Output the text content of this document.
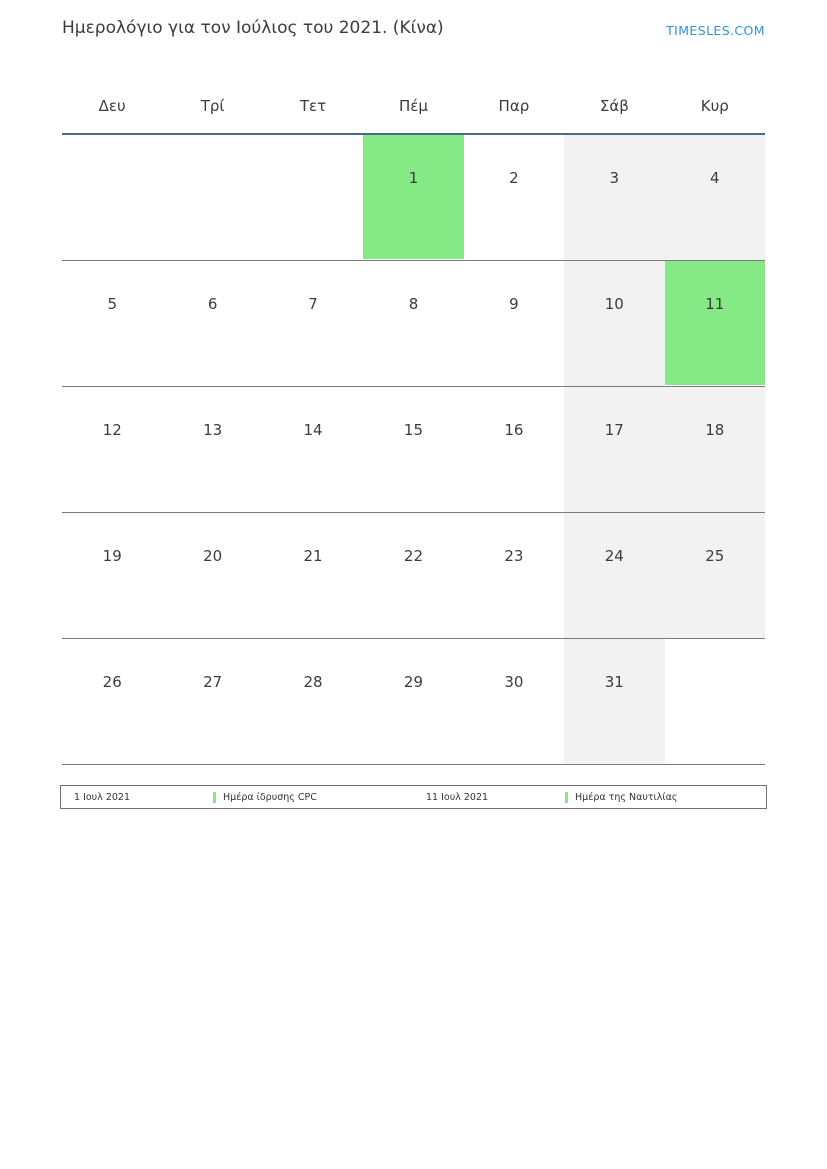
Ημερολόγιο για τον Ιούλιος του 2021. (Κίνα)	TIMESLES.COM
Δευ	Τρί	Τετ	Πέμ	Παρ	Σάβ	Κυρ

			1	2	3	4

5	6	7	8	9	10	11

12	13	14	15	16	17	18

19	20	21	22	23	24	25

26	27	28	29	30	31	

1 Ιουλ 2021	Ημέρα ίδρυσης CPC	11 Ιουλ 2021	Ημέρα της Ναυτιλίας
